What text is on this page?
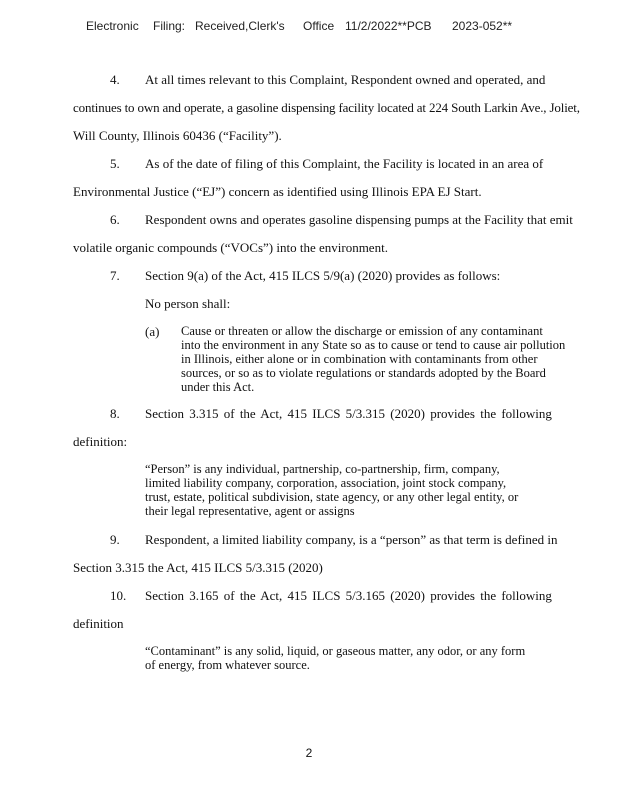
Electronic Filing: Received,Clerk's Office 11/2/2022**PCB 2023-052**
4. At all times relevant to this Complaint, Respondent owned and operated, and
continues to own and operate, a gasoline dispensing facility located at 224 South Larkin Ave., Joliet,
Will County, Illinois 60436 (“Facility”).
5. As of the date of filing of this Complaint, the Facility is located in an area of
Environmental Justice (“EJ”) concern as identified using Illinois EPA EJ Start.
6. Respondent owns and operates gasoline dispensing pumps at the Facility that emit
volatile organic compounds (“VOCs”) into the environment.
7. Section 9(a) of the Act, 415 ILCS 5/9(a) (2020) provides as follows:
No person shall:
(a) Cause or threaten or allow the discharge or emission of any contaminant
into the environment in any State so as to cause or tend to cause air pollution
in Illinois, either alone or in combination with contaminants from other
sources, or so as to violate regulations or standards adopted by the Board
under this Act.
8. Section 3.315 of the Act, 415 ILCS 5/3.315 (2020) provides the following
definition:
“Person” is any individual, partnership, co-partnership, firm, company,
limited liability company, corporation, association, joint stock company,
trust, estate, political subdivision, state agency, or any other legal entity, or
their legal representative, agent or assigns
9. Respondent, a limited liability company, is a “person” as that term is defined in
Section 3.315 the Act, 415 ILCS 5/3.315 (2020)
10. Section 3.165 of the Act, 415 ILCS 5/3.165 (2020) provides the following
definition
“Contaminant” is any solid, liquid, or gaseous matter, any odor, or any form
of energy, from whatever source.
2
